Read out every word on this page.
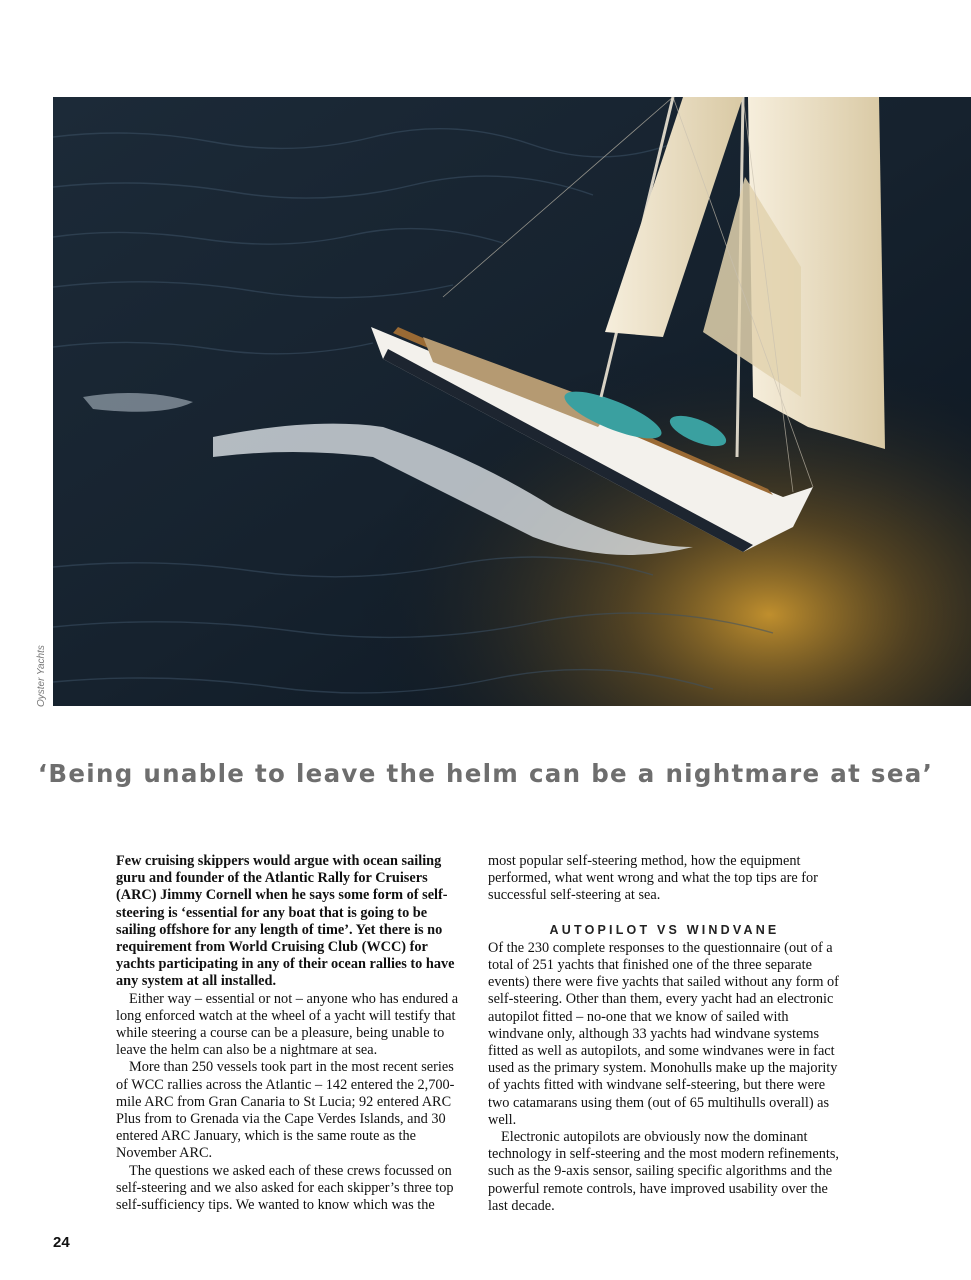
Oyster Yachts
‘Being unable to leave the helm can be a nightmare at sea’

Few cruising skippers would argue with ocean sailing guru and founder of the Atlantic Rally for Cruisers (ARC) Jimmy Cornell when he says some form of self-steering is ‘essential for any boat that is going to be sailing offshore for any length of time’. Yet there is no requirement from World Cruising Club (WCC) for yachts participating in any of their ocean rallies to have any system at all installed.

Either way – essential or not – anyone who has endured a long enforced watch at the wheel of a yacht will testify that while steering a course can be a pleasure, being unable to leave the helm can also be a nightmare at sea.

More than 250 vessels took part in the most recent series of WCC rallies across the Atlantic – 142 entered the 2,700-mile ARC from Gran Canaria to St Lucia; 92 entered ARC Plus from to Grenada via the Cape Verdes Islands, and 30 entered ARC January, which is the same route as the November ARC.

The questions we asked each of these crews focussed on self-steering and we also asked for each skipper’s three top self-sufficiency tips. We wanted to know which was the

most popular self-steering method, how the equipment performed, what went wrong and what the top tips are for successful self-steering at sea.

AUTOPILOT VS WINDVANE

Of the 230 complete responses to the questionnaire (out of a total of 251 yachts that finished one of the three separate events) there were five yachts that sailed without any form of self-steering. Other than them, every yacht had an electronic autopilot fitted – no-one that we know of sailed with windvane only, although 33 yachts had windvane systems fitted as well as autopilots, and some windvanes were in fact used as the primary system. Monohulls make up the majority of yachts fitted with windvane self-steering, but there were two catamarans using them (out of 65 multihulls overall) as well.

Electronic autopilots are obviously now the dominant technology in self-steering and the most modern refinements, such as the 9-axis sensor, sailing specific algorithms and the powerful remote controls, have improved usability over the last decade.

24
